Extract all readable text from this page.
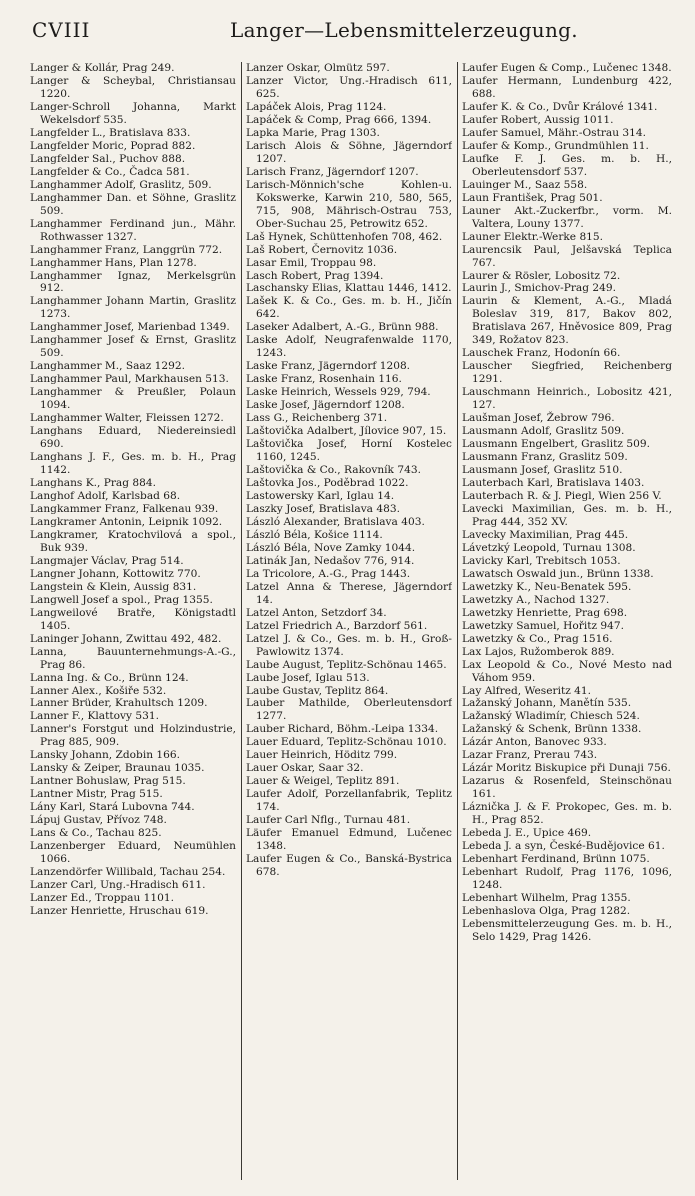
CVIII	Langer—Lebensmittelerzeugung.

Langer & Kollár, Prag 249.

Langer & Scheybal, Christiansau 1220.

Langer-Schroll Johanna, Markt Wekelsdorf 535.

Langfelder L., Bratislava 833.

Langfelder Moric, Poprad 882.

Langfelder Sal., Puchov 888.

Langfelder & Co., Čadca 581.

Langhammer Adolf, Graslitz, 509.

Langhammer Dan. et Söhne, Graslitz 509.

Langhammer Ferdinand jun., Mähr. Rothwasser 1327.

Langhammer Franz, Langgrün 772.

Langhammer Hans, Plan 1278.

Langhammer Ignaz, Merkelsgrün 912.

Langhammer Johann Martin, Graslitz 1273.

Langhammer Josef, Marienbad 1349.

Langhammer Josef & Ernst, Graslitz 509.

Langhammer M., Saaz 1292.

Langhammer Paul, Markhausen 513.

Langhammer & Preußler, Polaun 1094.

Langhammer Walter, Fleissen 1272.

Langhans Eduard, Niedereinsiedl 690.

Langhans J. F., Ges. m. b. H., Prag 1142.

Langhans K., Prag 884.

Langhof Adolf, Karlsbad 68.

Langkammer Franz, Falkenau 939.

Langkramer Antonin, Leipnik 1092.

Langkramer, Kratochvilová a spol., Buk 939.

Langmajer Václav, Prag 514.

Langner Johann, Kottowitz 770.

Langstein & Klein, Aussig 831.

Langwell Josef a spol., Prag 1355.

Langweilové Bratře, Königstadtl 1405.

Laninger Johann, Zwittau 492, 482.

Lanna, Bauunternehmungs-A.-G., Prag 86.

Lanna Ing. & Co., Brünn 124.

Lanner Alex., Košiře 532.

Lanner Brüder, Krahultsch 1209.

Lanner F., Klattovy 531.

Lanner's Forstgut und Holzindustrie, Prag 885, 909.

Lansky Johann, Zdobin 166.

Lansky & Zeiper, Braunau 1035.

Lantner Bohuslaw, Prag 515.

Lantner Mistr, Prag 515.

Lány Karl, Stará Lubovna 744.

Lápuj Gustav, Přívoz 748.

Lans & Co., Tachau 825.

Lanzenberger Eduard, Neumühlen 1066.

Lanzendörfer Willibald, Tachau 254.

Lanzer Carl, Ung.-Hradisch 611.

Lanzer Ed., Troppau 1101.

Lanzer Henriette, Hruschau 619.

Lanzer Oskar, Olmütz 597.

Lanzer Victor, Ung.-Hradisch 611, 625.

Lapáček Alois, Prag 1124.

Lapáček & Comp, Prag 666, 1394.

Lapka Marie, Prag 1303.

Larisch Alois & Söhne, Jägerndorf 1207.

Larisch Franz, Jägerndorf 1207.

Larisch-Mönnich'sche Kohlen-u. Kokswerke, Karwin 210, 580, 565, 715, 908, Mährisch-Ostrau 753, Ober-Suchau 25, Petrowitz 652.

Laš Hynek, Schüttenhofen 708, 462.

Laš Robert, Černovitz 1036.

Lasar Emil, Troppau 98.

Lasch Robert, Prag 1394.

Laschansky Elias, Klattau 1446, 1412.

Lašek K. & Co., Ges. m. b. H., Jičín 642.

Laseker Adalbert, A.-G., Brünn 988.

Laske Adolf, Neugrafenwalde 1170, 1243.

Laske Franz, Jägerndorf 1208.

Laske Franz, Rosenhain 116.

Laske Heinrich, Wessels 929, 794.

Laske Josef, Jägerndorf 1208.

Lass G., Reichenberg 371.

Laštovička Adalbert, Jílovice 907, 15.

Laštovička Josef, Horní Kostelec 1160, 1245.

Laštovička & Co., Rakovník 743.

Laštovka Jos., Poděbrad 1022.

Lastowersky Karl, Iglau 14.

Laszky Josef, Bratislava 483.

László Alexander, Bratislava 403.

László Béla, Košice 1114.

László Béla, Nove Zamky 1044.

Latinák Jan, Nedašov 776, 914.

La Tricolore, A.-G., Prag 1443.

Latzel Anna & Therese, Jägerndorf 14.

Latzel Anton, Setzdorf 34.

Latzel Friedrich A., Barzdorf 561.

Latzel J. & Co., Ges. m. b. H., Groß-Pawlowitz 1374.

Laube August, Teplitz-Schönau 1465.

Laube Josef, Iglau 513.

Laube Gustav, Teplitz 864.

Lauber Mathilde, Oberleutensdorf 1277.

Lauber Richard, Böhm.-Leipa 1334.

Lauer Eduard, Teplitz-Schönau 1010.

Lauer Heinrich, Höditz 799.

Lauer Oskar, Saar 32.

Lauer & Weigel, Teplitz 891.

Laufer Adolf, Porzellanfabrik, Teplitz 174.

Laufer Carl Nflg., Turnau 481.

Läufer Emanuel Edmund, Lučenec 1348.

Laufer Eugen & Co., Banská-Bystrica 678.

Laufer Eugen & Comp., Lučenec 1348.

Laufer Hermann, Lundenburg 422, 688.

Laufer K. & Co., Dvůr Králové 1341.

Laufer Robert, Aussig 1011.

Laufer Samuel, Mähr.-Ostrau 314.

Laufer & Komp., Grundmühlen 11.

Laufke F. J. Ges. m. b. H., Oberleutensdorf 537.

Lauinger M., Saaz 558.

Laun František, Prag 501.

Launer Akt.-Zuckerfbr., vorm. M. Valtera, Louny 1377.

Launer Elektr.-Werke 815.

Laurencsik Paul, Jelšavská Teplica 767.

Laurer & Rösler, Lobositz 72.

Laurin J., Smichov-Prag 249.

Laurin & Klement, A.-G., Mladá Boleslav 319, 817, Bakov 802, Bratislava 267, Hněvosice 809, Prag 349, Rožatov 823.

Lauschek Franz, Hodonín 66.

Lauscher Siegfried, Reichenberg 1291.

Lauschmann Heinrich., Lobositz 421, 127.

Laušman Josef, Žebrow 796.

Lausmann Adolf, Graslitz 509.

Lausmann Engelbert, Graslitz 509.

Lausmann Franz, Graslitz 509.

Lausmann Josef, Graslitz 510.

Lauterbach Karl, Bratislava 1403.

Lauterbach R. & J. Piegl, Wien 256 V.

Lavecki Maximilian, Ges. m. b. H., Prag 444, 352 XV.

Lavecky Maximilian, Prag 445.

Lávetzký Leopold, Turnau 1308.

Lavicky Karl, Trebitsch 1053.

Lawatsch Oswald jun., Brünn 1338.

Lawetzky K., Neu-Benatek 595.

Lawetzky A., Nachod 1327.

Lawetzky Henriette, Prag 698.

Lawetzky Samuel, Hořitz 947.

Lawetzky & Co., Prag 1516.

Lax Lajos, Ružomberok 889.

Lax Leopold & Co., Nové Mesto nad Váhom 959.

Lay Alfred, Weseritz 41.

Lažanský Johann, Manětín 535.

Lažanský Wladimír, Chiesch 524.

Lažanský & Schenk, Brünn 1338.

Lázár Anton, Banovec 933.

Lazar Franz, Prerau 743.

Lázár Moritz Biskupice při Dunaji 756.

Lazarus & Rosenfeld, Steinschönau 161.

Láznička J. & F. Prokopec, Ges. m. b. H., Prag 852.

Lebeda J. E., Upice 469.

Lebeda J. a syn, České-Budějovice 61.

Lebenhart Ferdinand, Brünn 1075.

Lebenhart Rudolf, Prag 1176, 1096, 1248.

Lebenhart Wilhelm, Prag 1355.

Lebenhaslova Olga, Prag 1282.

Lebensmittelerzeugung Ges. m. b. H., Selo 1429, Prag 1426.
